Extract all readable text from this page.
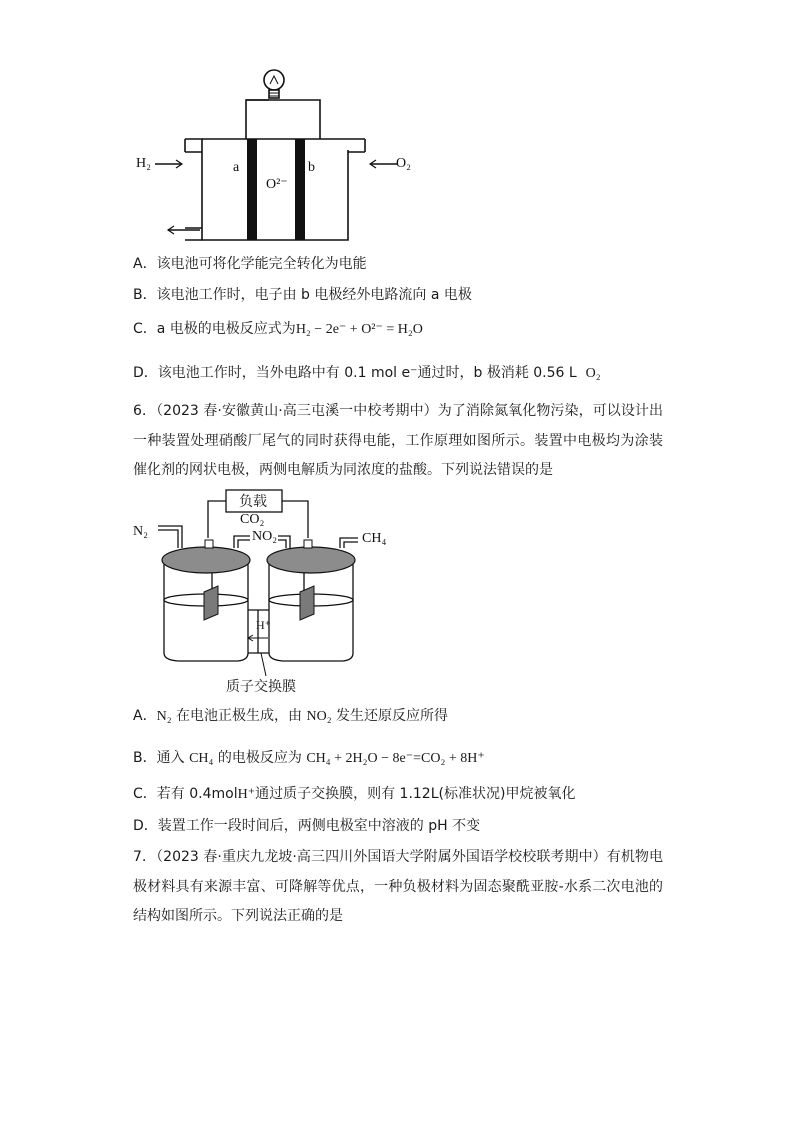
H₂	a
O²⁻
b	O₂
A．该电池可将化学能完全转化为电能
B．该电池工作时，电子由 b 电极经外电路流向 a 电极
C．a 电极的电极反应式为H₂ − 2e⁻ + O²⁻ = H₂O
D．该电池工作时，当外电路中有 0.1 mol e⁻通过时，b 极消耗 0.56 L O₂
6．（2023 春·安徽黄山·高三屯溪一中校考期中）为了消除氮氧化物污染，可以设计出一种装置处理硝酸厂尾气的同时获得电能，工作原理如图所示。装置中电极均为涂装催化剂的网状电极，两侧电解质为同浓度的盐酸。下列说法错误的是
负载
N₂
CO₂
NO₂	CH₄
H⁺
质子交换膜
A．N₂ 在电池正极生成，由 NO₂ 发生还原反应所得
B．通入 CH₄ 的电极反应为 CH₄ + 2H₂O − 8e⁻=CO₂ + 8H⁺
C．若有 0.4molH⁺通过质子交换膜，则有 1.12L(标准状况)甲烷被氧化
D．装置工作一段时间后，两侧电极室中溶液的 pH 不变
7．（2023 春·重庆九龙坡·高三四川外国语大学附属外国语学校校联考期中）有机物电极材料具有来源丰富、可降解等优点，一种负极材料为固态聚酰亚胺-水系二次电池的结构如图所示。下列说法正确的是
